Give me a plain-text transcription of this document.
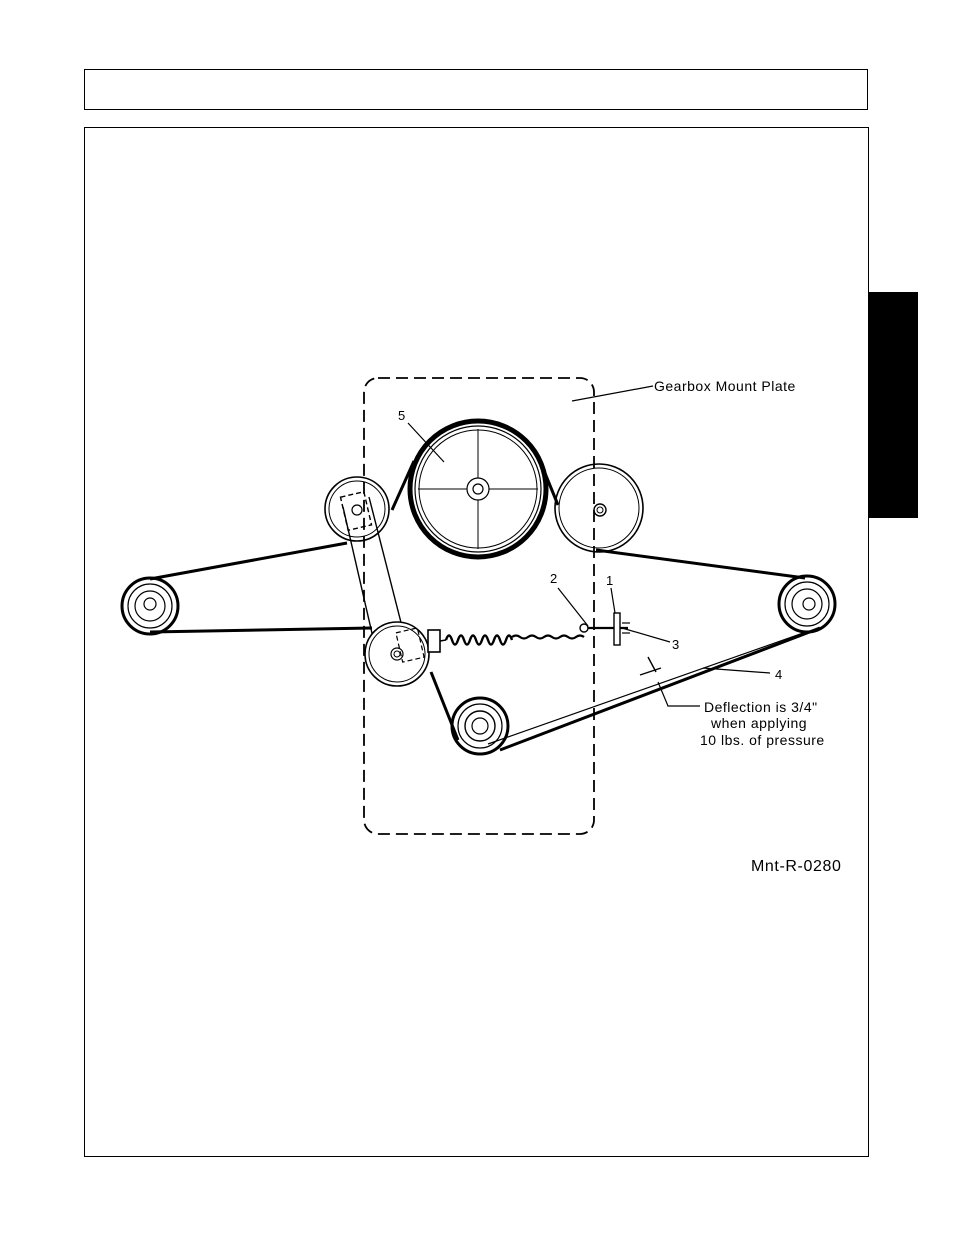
Gearbox Mount Plate
5
2	1
3
4
Deflection is 3/4"
when applying
10 lbs. of pressure
Mnt-R-0280
